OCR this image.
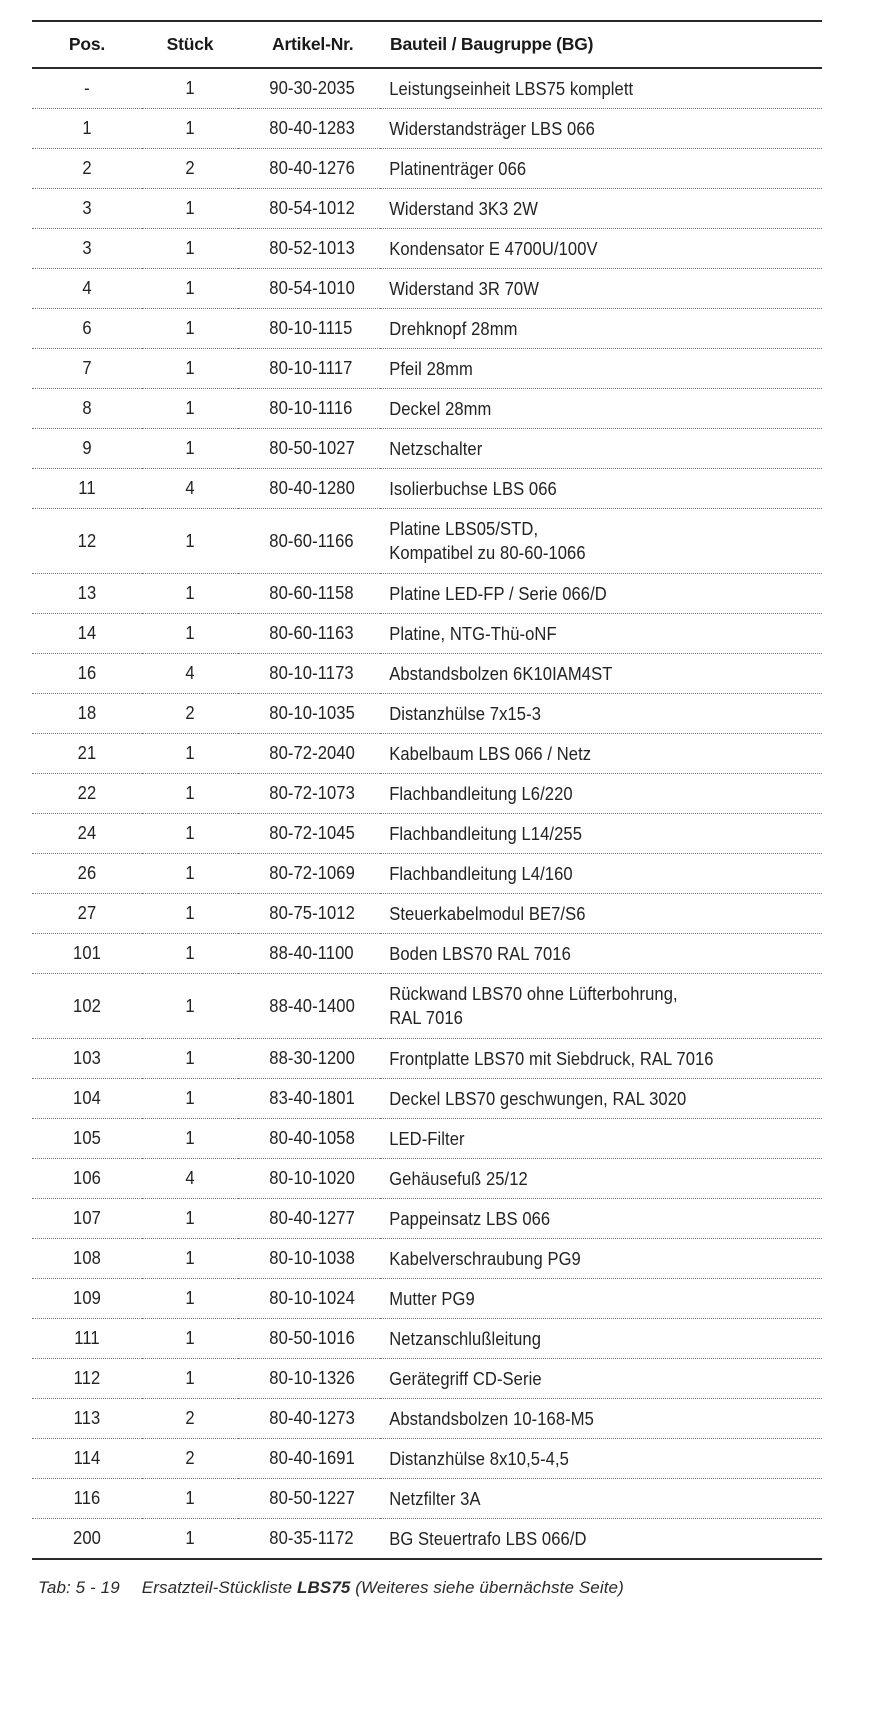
Pos.	Stück	Artikel-Nr.	Bauteil / Baugruppe (BG)
-	1	90-30-2035	Leistungseinheit LBS75 komplett
1	1	80-40-1283	Widerstandsträger LBS 066
2	2	80-40-1276	Platinenträger 066
3	1	80-54-1012	Widerstand 3K3 2W
3	1	80-52-1013	Kondensator E 4700U/100V
4	1	80-54-1010	Widerstand 3R 70W
6	1	80-10-1115	Drehknopf 28mm
7	1	80-10-1117	Pfeil 28mm
8	1	80-10-1116	Deckel 28mm
9	1	80-50-1027	Netzschalter
11	4	80-40-1280	Isolierbuchse LBS 066
12	1	80-60-1166	Platine LBS05/STD,
Kompatibel zu 80-60-1066
13	1	80-60-1158	Platine LED-FP / Serie 066/D
14	1	80-60-1163	Platine, NTG-Thü-oNF
16	4	80-10-1173	Abstandsbolzen 6K10IAM4ST
18	2	80-10-1035	Distanzhülse 7x15-3
21	1	80-72-2040	Kabelbaum LBS 066 / Netz
22	1	80-72-1073	Flachbandleitung L6/220
24	1	80-72-1045	Flachbandleitung L14/255
26	1	80-72-1069	Flachbandleitung L4/160
27	1	80-75-1012	Steuerkabelmodul BE7/S6
101	1	88-40-1100	Boden LBS70 RAL 7016
102	1	88-40-1400	Rückwand LBS70 ohne Lüfterbohrung,
RAL 7016
103	1	88-30-1200	Frontplatte LBS70 mit Siebdruck, RAL 7016
104	1	83-40-1801	Deckel LBS70 geschwungen, RAL 3020
105	1	80-40-1058	LED-Filter
106	4	80-10-1020	Gehäusefuß 25/12
107	1	80-40-1277	Pappeinsatz LBS 066
108	1	80-10-1038	Kabelverschraubung PG9
109	1	80-10-1024	Mutter PG9
111	1	80-50-1016	Netzanschlußleitung
112	1	80-10-1326	Gerätegriff CD-Serie
113	2	80-40-1273	Abstandsbolzen 10-168-M5
114	2	80-40-1691	Distanzhülse 8x10,5-4,5
116	1	80-50-1227	Netzfilter 3A
200	1	80-35-1172	BG Steuertrafo LBS 066/D
Tab: 5 - 19 Ersatzteil-Stückliste LBS75 (Weiteres siehe übernächste Seite)
